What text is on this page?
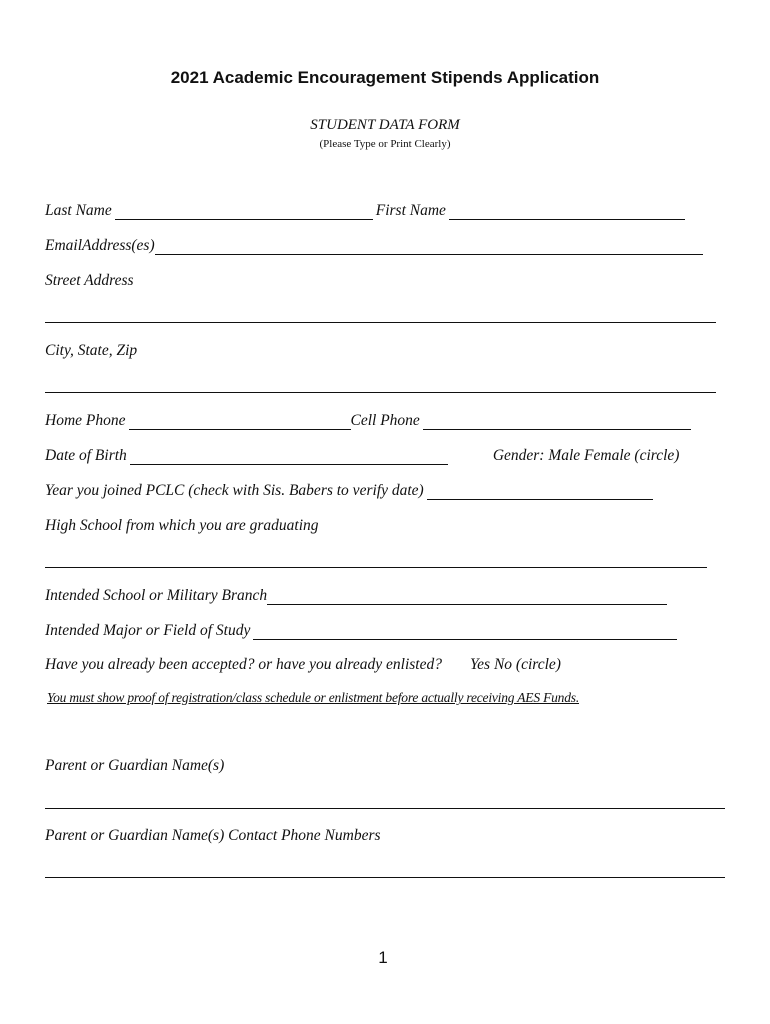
2021 Academic Encouragement Stipends Application
STUDENT DATA FORM
(Please Type or Print Clearly)
Last Name	First Name
EmailAddress(es)
Street Address
City, State, Zip
Home Phone	Cell Phone
Date of Birth	Gender: Male Female (circle)
Year you joined PCLC (check with Sis. Babers to verify date)
High School from which you are graduating
Intended School or Military Branch
Intended Major or Field of Study
Have you already been accepted? or have you already enlisted? Yes No (circle)
You must show proof of registration/class schedule or enlistment before actually receiving AES Funds.
Parent or Guardian Name(s)
Parent or Guardian Name(s) Contact Phone Numbers
1
